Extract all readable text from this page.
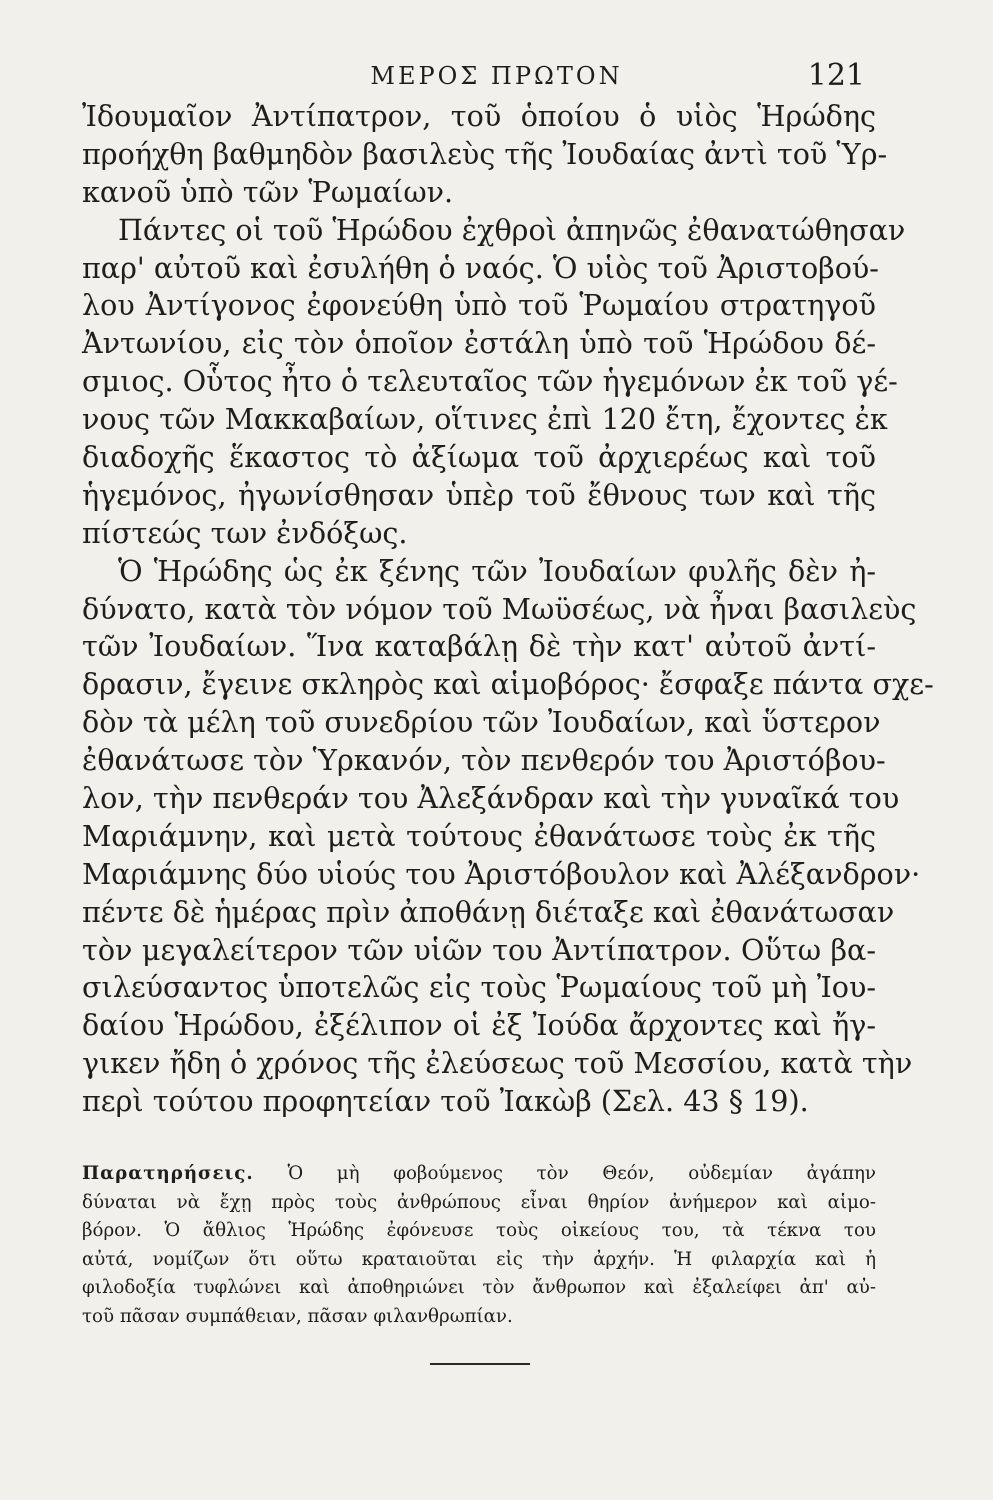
ΜΕΡΟΣ ΠΡΩΤΟΝ	121
Ἰδουμαῖον Ἀντίπατρον, τοῦ ὁποίου ὁ υἱὸς Ἡρώδης
προήχθη βαθμηδὸν βασιλεὺς τῆς Ἰουδαίας ἀντὶ τοῦ Ὑρ-
κανοῦ ὑπὸ τῶν Ῥωμαίων.
Πάντες οἱ τοῦ Ἡρώδου ἐχθροὶ ἀπηνῶς ἐθανατώθησαν
παρ' αὐτοῦ καὶ ἐσυλήθη ὁ ναός. Ὁ υἱὸς τοῦ Ἀριστοβού-
λου Ἀντίγονος ἐφονεύθη ὑπὸ τοῦ Ῥωμαίου στρατηγοῦ
Ἀντωνίου, εἰς τὸν ὁποῖον ἐστάλη ὑπὸ τοῦ Ἡρώδου δέ-
σμιος. Οὗτος ἦτο ὁ τελευταῖος τῶν ἡγεμόνων ἐκ τοῦ γέ-
νους τῶν Μακκαβαίων, οἵτινες ἐπὶ 120 ἔτη, ἔχοντες ἐκ
διαδοχῆς ἕκαστος τὸ ἀξίωμα τοῦ ἀρχιερέως καὶ τοῦ
ἡγεμόνος, ἠγωνίσθησαν ὑπὲρ τοῦ ἔθνους των καὶ τῆς
πίστεώς των ἐνδόξως.
Ὁ Ἡρώδης ὡς ἐκ ξένης τῶν Ἰουδαίων φυλῆς δὲν ἠ-
δύνατο, κατὰ τὸν νόμον τοῦ Μωϋσέως, νὰ ἦναι βασιλεὺς
τῶν Ἰουδαίων. Ἵνα καταβάλῃ δὲ τὴν κατ' αὐτοῦ ἀντί-
δρασιν, ἔγεινε σκληρὸς καὶ αἱμοβόρος· ἔσφαξε πάντα σχε-
δὸν τὰ μέλη τοῦ συνεδρίου τῶν Ἰουδαίων, καὶ ὕστερον
ἐθανάτωσε τὸν Ὑρκανόν, τὸν πενθερόν του Ἀριστόβου-
λον, τὴν πενθεράν του Ἀλεξάνδραν καὶ τὴν γυναῖκά του
Μαριάμνην, καὶ μετὰ τούτους ἐθανάτωσε τοὺς ἐκ τῆς
Μαριάμνης δύο υἱούς του Ἀριστόβουλον καὶ Ἀλέξανδρον·
πέντε δὲ ἡμέρας πρὶν ἀποθάνῃ διέταξε καὶ ἐθανάτωσαν
τὸν μεγαλείτερον τῶν υἱῶν του Ἀντίπατρον. Οὕτω βα-
σιλεύσαντος ὑποτελῶς εἰς τοὺς Ῥωμαίους τοῦ μὴ Ἰου-
δαίου Ἡρώδου, ἐξέλιπον οἱ ἐξ Ἰούδα ἄρχοντες καὶ ἤγ-
γικεν ἤδη ὁ χρόνος τῆς ἐλεύσεως τοῦ Μεσσίου, κατὰ τὴν
περὶ τούτου προφητείαν τοῦ Ἰακὼβ (Σελ. 43 § 19).
Παρατηρήσεις. Ὁ μὴ φοβούμενος τὸν Θεόν, οὐδεμίαν ἀγάπην
δύναται νὰ ἔχῃ πρὸς τοὺς ἀνθρώπους εἶναι θηρίον ἀνήμερον καὶ αἱμο-
βόρον. Ὁ ἄθλιος Ἡρώδης ἐφόνευσε τοὺς οἰκείους του, τὰ τέκνα του
αὐτά, νομίζων ὅτι οὕτω κραταιοῦται εἰς τὴν ἀρχήν. Ἡ φιλαρχία καὶ ἡ
φιλοδοξία τυφλώνει καὶ ἀποθηριώνει τὸν ἄνθρωπον καὶ ἐξαλείφει ἀπ' αὐ-
τοῦ πᾶσαν συμπάθειαν, πᾶσαν φιλανθρωπίαν.
